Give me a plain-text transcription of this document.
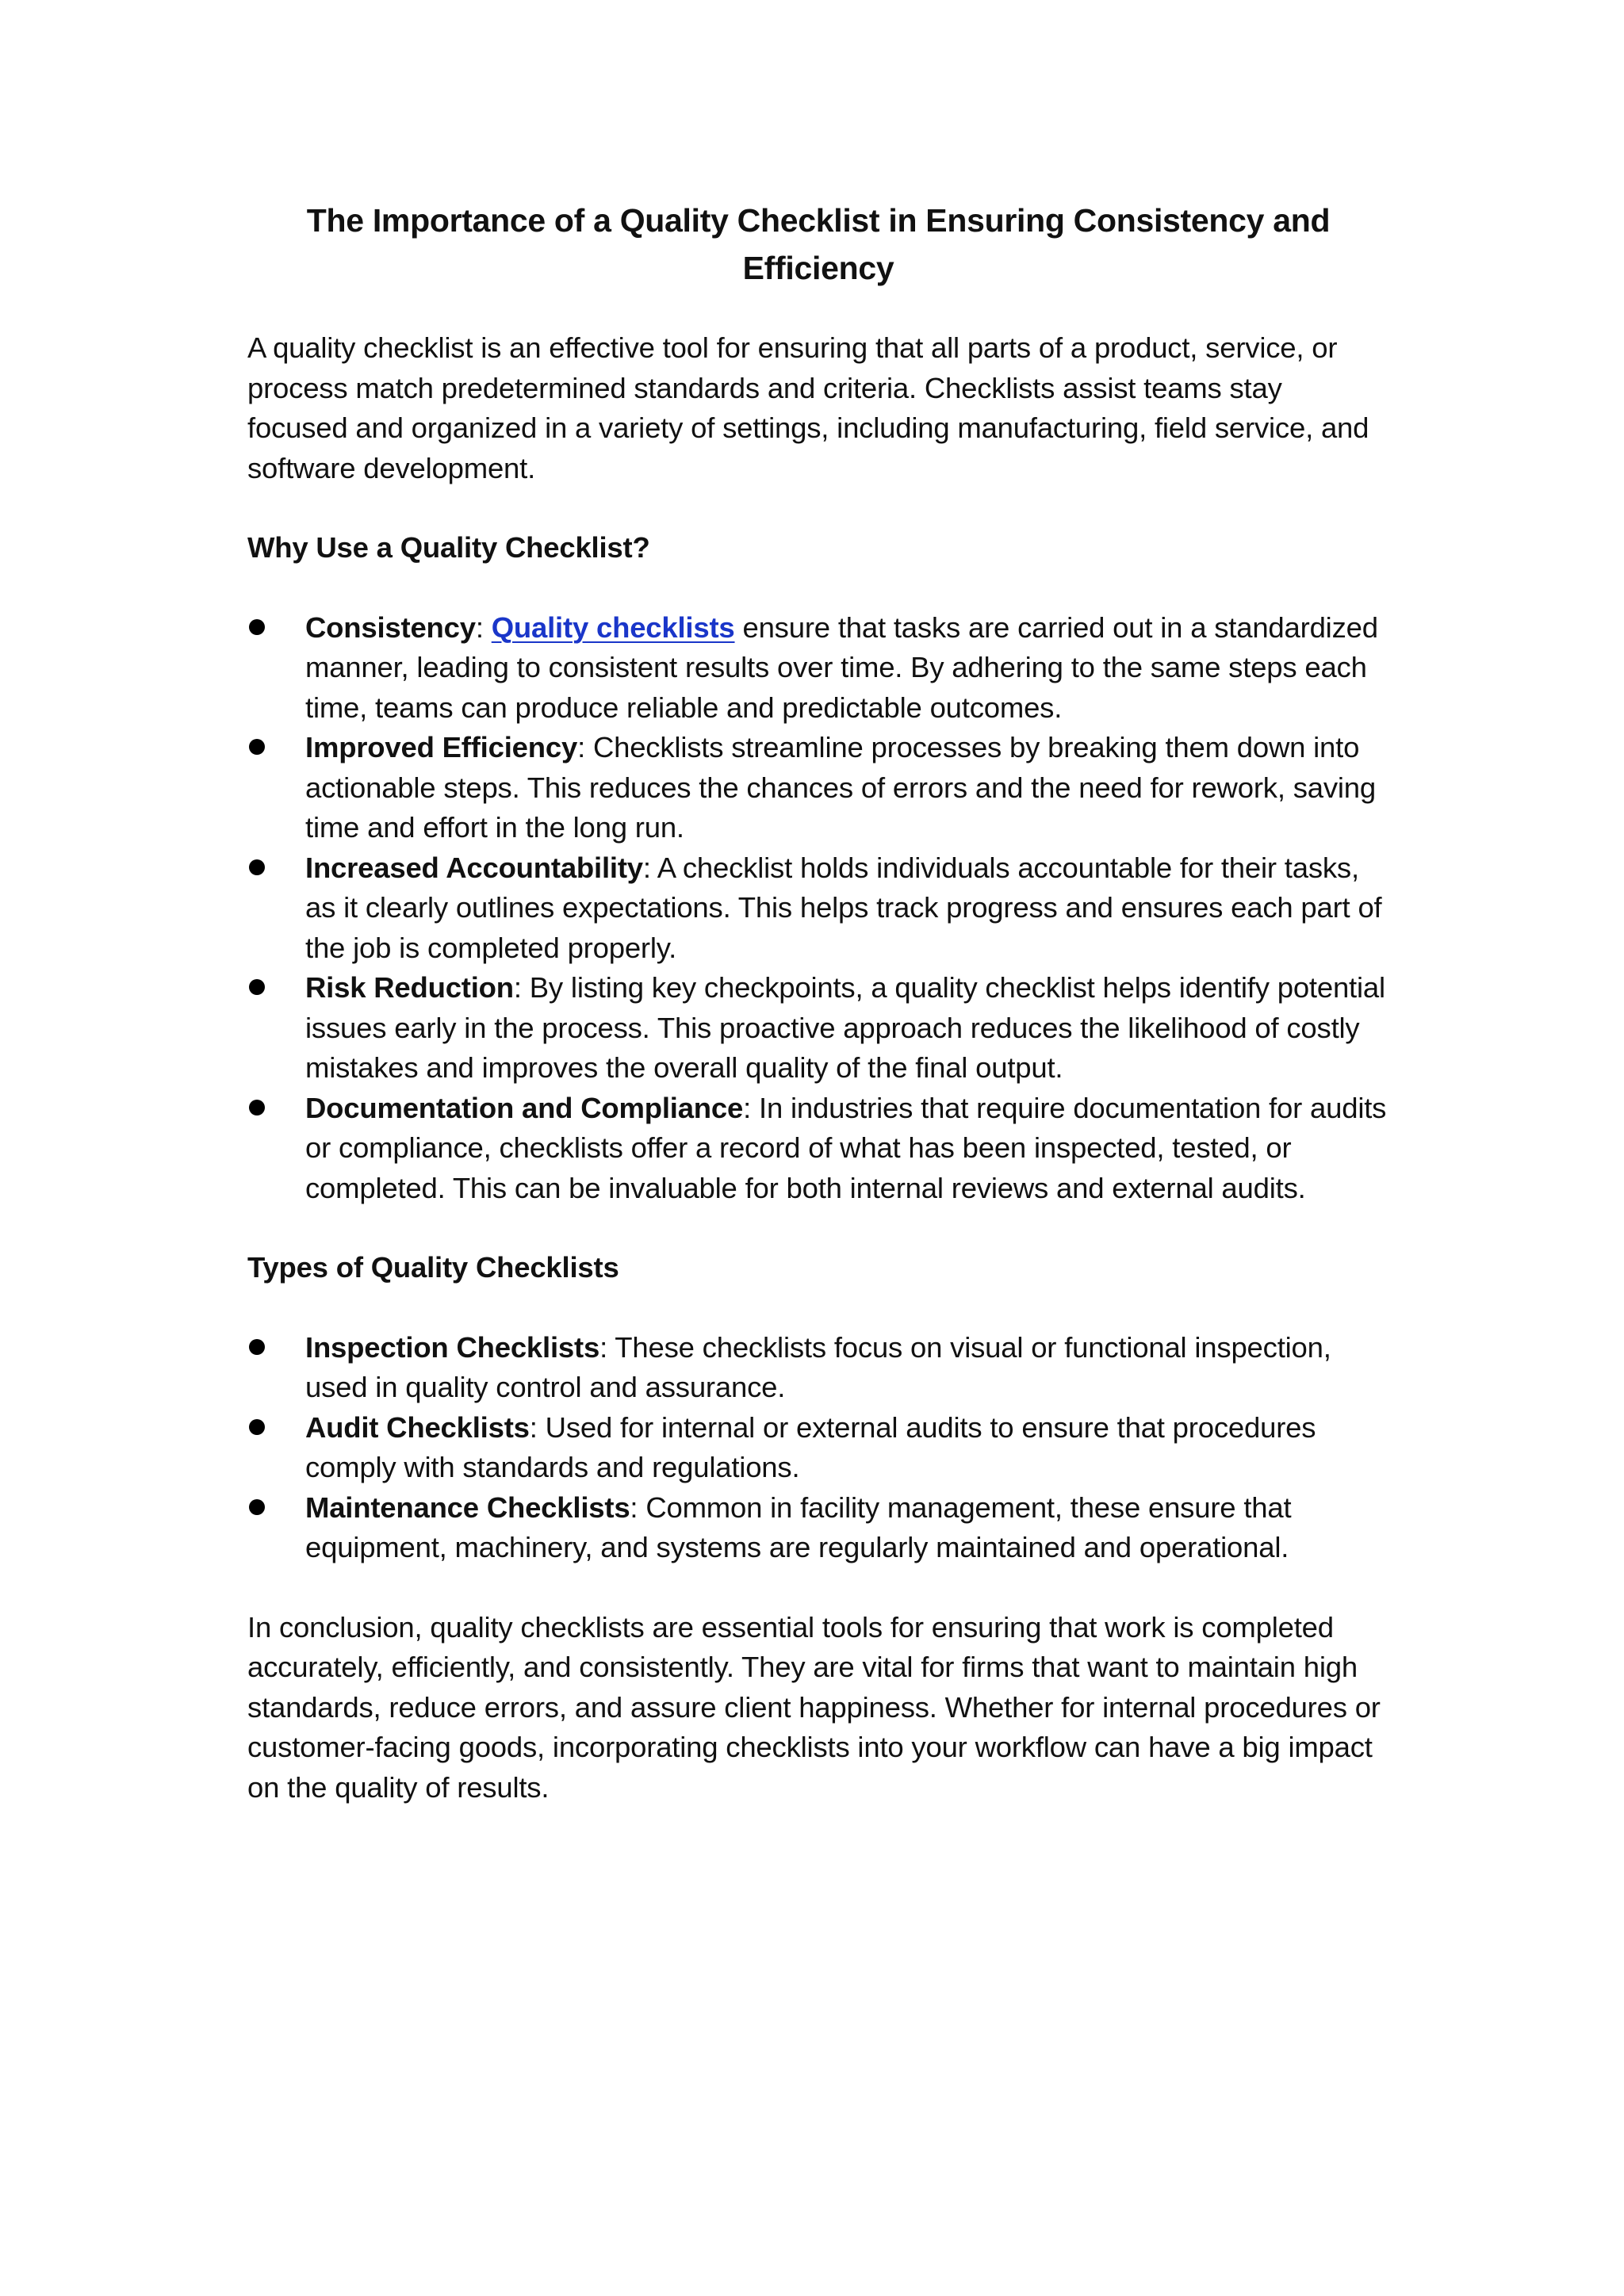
The Importance of a Quality Checklist in Ensuring Consistency and Efficiency

A quality checklist is an effective tool for ensuring that all parts of a product, service, or process match predetermined standards and criteria. Checklists assist teams stay focused and organized in a variety of settings, including manufacturing, field service, and software development.

Why Use a Quality Checklist?
Consistency: Quality checklists ensure that tasks are carried out in a standardized manner, leading to consistent results over time. By adhering to the same steps each time, teams can produce reliable and predictable outcomes.
Improved Efficiency: Checklists streamline processes by breaking them down into actionable steps. This reduces the chances of errors and the need for rework, saving time and effort in the long run.
Increased Accountability: A checklist holds individuals accountable for their tasks, as it clearly outlines expectations. This helps track progress and ensures each part of the job is completed properly.
Risk Reduction: By listing key checkpoints, a quality checklist helps identify potential issues early in the process. This proactive approach reduces the likelihood of costly mistakes and improves the overall quality of the final output.
Documentation and Compliance: In industries that require documentation for audits or compliance, checklists offer a record of what has been inspected, tested, or completed. This can be invaluable for both internal reviews and external audits.
Types of Quality Checklists
Inspection Checklists: These checklists focus on visual or functional inspection, used in quality control and assurance.
Audit Checklists: Used for internal or external audits to ensure that procedures comply with standards and regulations.
Maintenance Checklists: Common in facility management, these ensure that equipment, machinery, and systems are regularly maintained and operational.

In conclusion, quality checklists are essential tools for ensuring that work is completed accurately, efficiently, and consistently. They are vital for firms that want to maintain high standards, reduce errors, and assure client happiness. Whether for internal procedures or customer-facing goods, incorporating checklists into your workflow can have a big impact on the quality of results.
